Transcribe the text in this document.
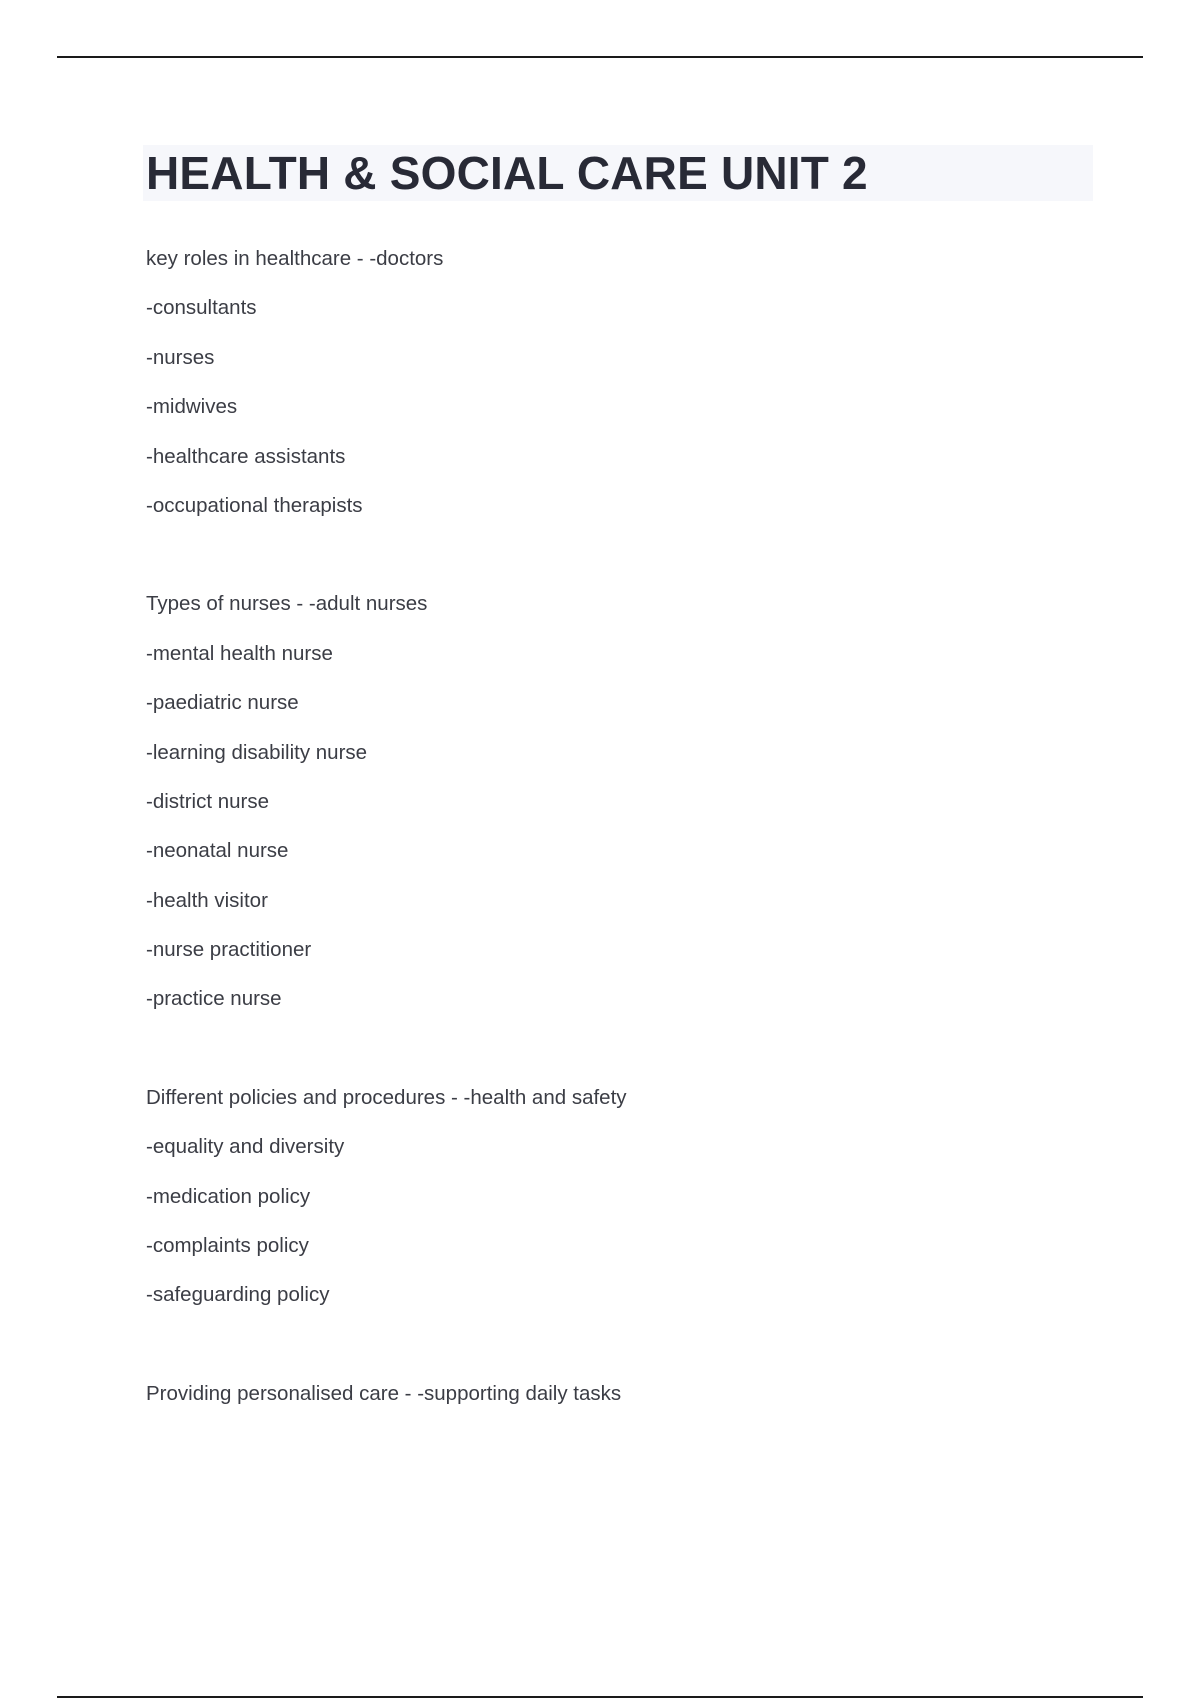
HEALTH & SOCIAL CARE UNIT 2
key roles in healthcare - -doctors
-consultants
-nurses
-midwives
-healthcare assistants
-occupational therapists
Types of nurses - -adult nurses
-mental health nurse
-paediatric nurse
-learning disability nurse
-district nurse
-neonatal nurse
-health visitor
-nurse practitioner
-practice nurse
Different policies and procedures - -health and safety
-equality and diversity
-medication policy
-complaints policy
-safeguarding policy
Providing personalised care - -supporting daily tasks
